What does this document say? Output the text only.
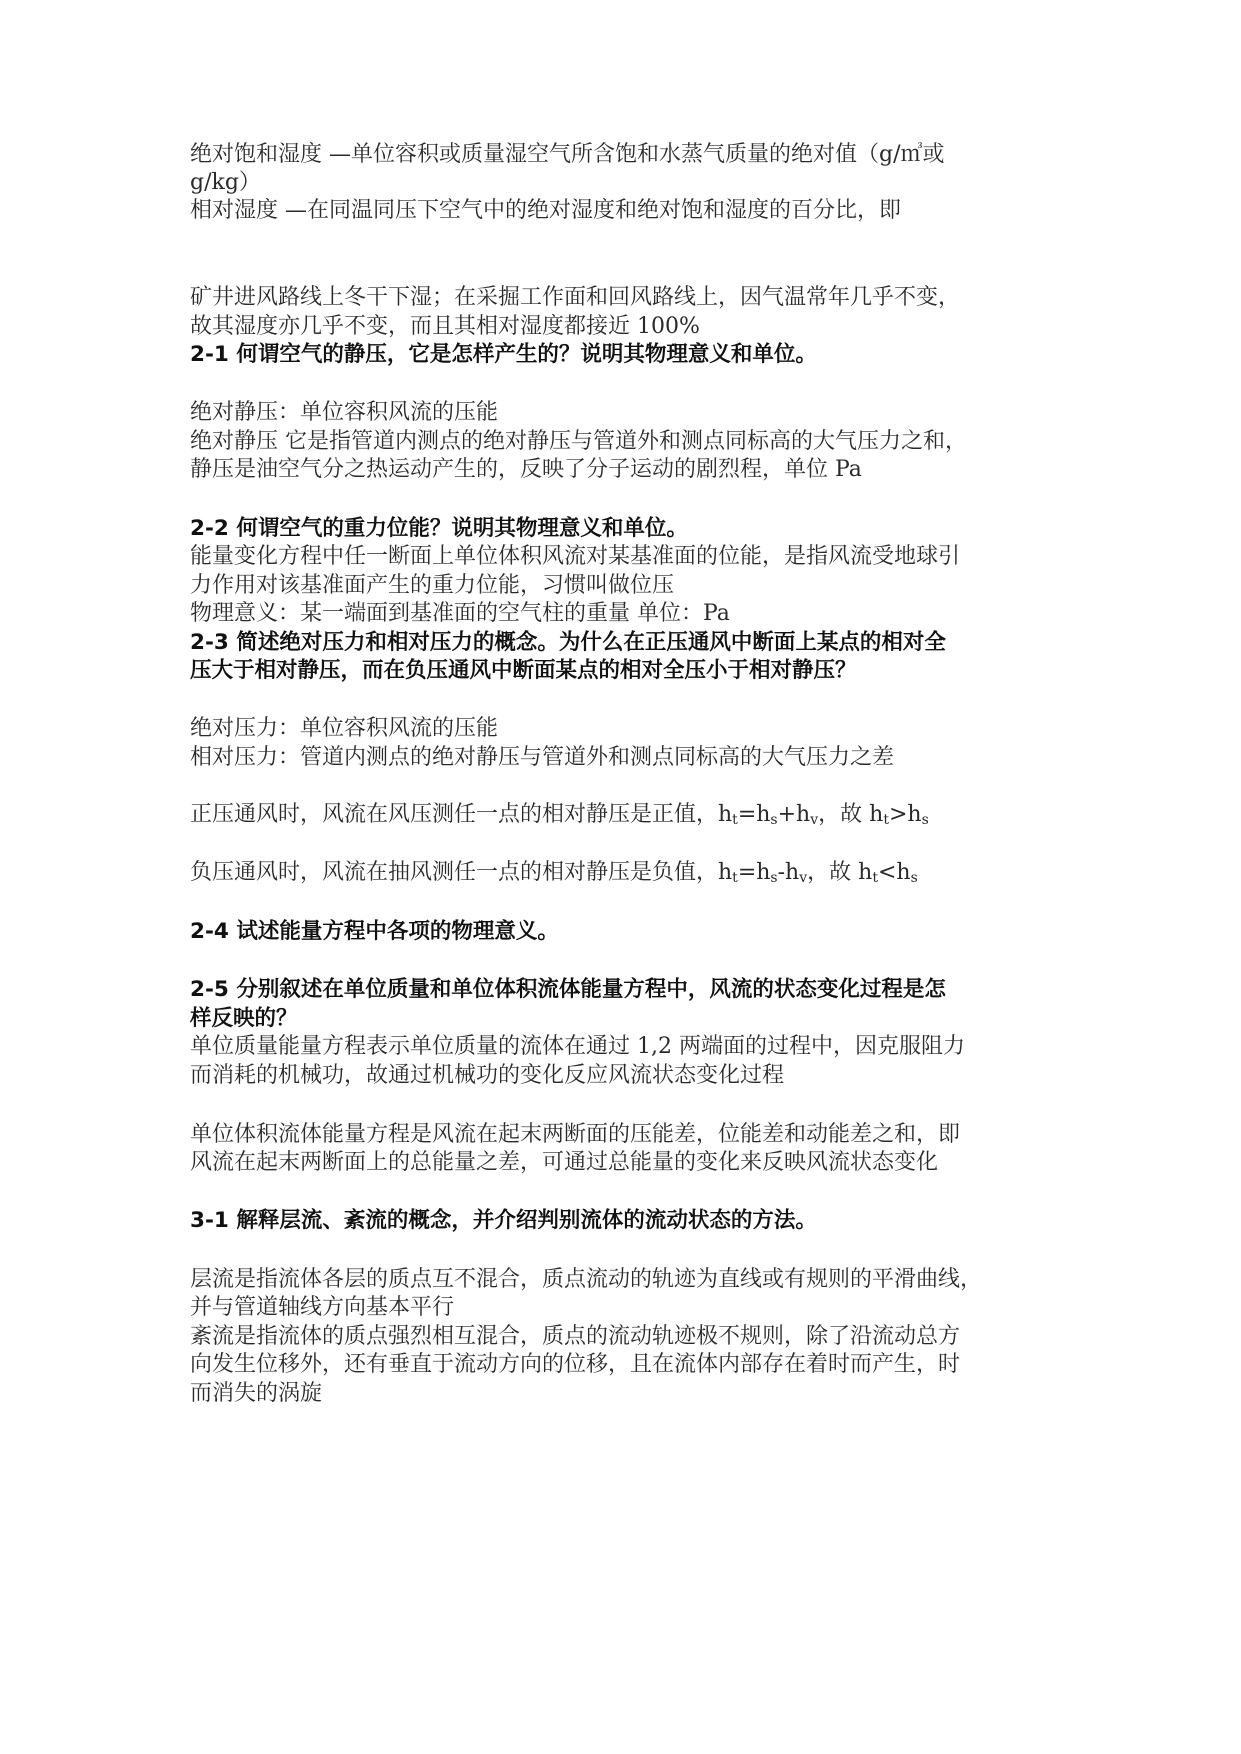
绝对饱和湿度 —单位容积或质量湿空气所含饱和水蒸气质量的绝对值（g/㎥或
g/kg）
相对湿度 —在同温同压下空气中的绝对湿度和绝对饱和湿度的百分比，即
矿井进风路线上冬干下湿；在采掘工作面和回风路线上，因气温常年几乎不变，
故其湿度亦几乎不变，而且其相对湿度都接近 100%
2-1 何谓空气的静压，它是怎样产生的？说明其物理意义和单位。
绝对静压：单位容积风流的压能
绝对静压 它是指管道内测点的绝对静压与管道外和测点同标高的大气压力之和，
静压是油空气分之热运动产生的，反映了分子运动的剧烈程，单位 Pa
2-2 何谓空气的重力位能？说明其物理意义和单位。
能量变化方程中任一断面上单位体积风流对某基准面的位能，是指风流受地球引
力作用对该基准面产生的重力位能，习惯叫做位压
物理意义：某一端面到基准面的空气柱的重量 单位：Pa
2-3 简述绝对压力和相对压力的概念。为什么在正压通风中断面上某点的相对全
压大于相对静压，而在负压通风中断面某点的相对全压小于相对静压？
绝对压力：单位容积风流的压能
相对压力：管道内测点的绝对静压与管道外和测点同标高的大气压力之差
正压通风时，风流在风压测任一点的相对静压是正值，$h_t=h_s+h_v$，故 $h_t>h_s$
负压通风时，风流在抽风测任一点的相对静压是负值，$h_t=h_s-h_v$，故 $h_t<h_s$
2-4 试述能量方程中各项的物理意义。
2-5 分别叙述在单位质量和单位体积流体能量方程中，风流的状态变化过程是怎
样反映的？
单位质量能量方程表示单位质量的流体在通过 1,2 两端面的过程中，因克服阻力
而消耗的机械功，故通过机械功的变化反应风流状态变化过程
单位体积流体能量方程是风流在起末两断面的压能差，位能差和动能差之和，即
风流在起末两断面上的总能量之差，可通过总能量的变化来反映风流状态变化
3-1 解释层流、紊流的概念，并介绍判别流体的流动状态的方法。
层流是指流体各层的质点互不混合，质点流动的轨迹为直线或有规则的平滑曲线，
并与管道轴线方向基本平行
紊流是指流体的质点强烈相互混合，质点的流动轨迹极不规则，除了沿流动总方
向发生位移外，还有垂直于流动方向的位移，且在流体内部存在着时而产生，时
而消失的涡旋
